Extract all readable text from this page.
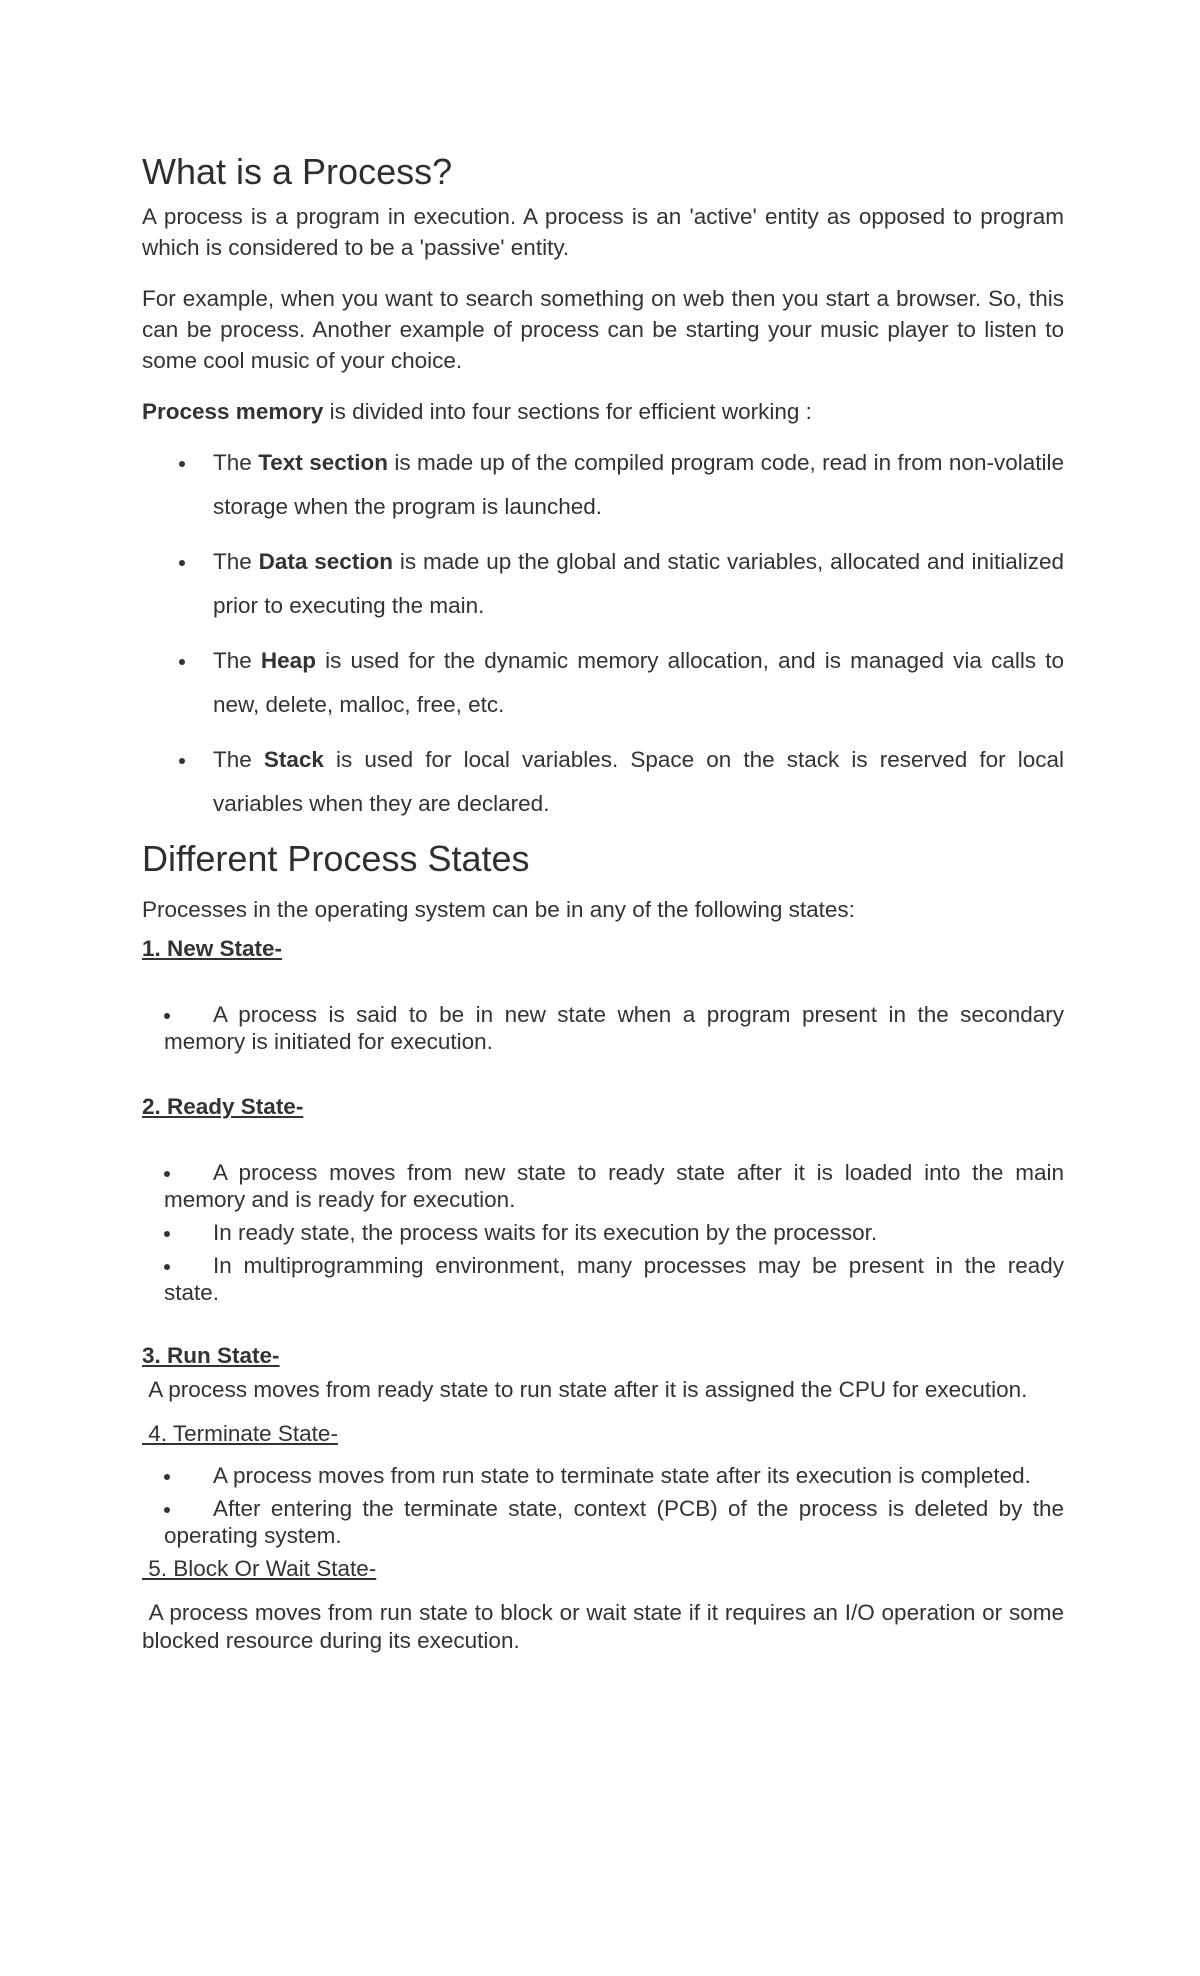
What is a Process?

A process is a program in execution. A process is an 'active' entity as opposed to program which is considered to be a 'passive' entity.

For example, when you want to search something on web then you start a browser. So, this can be process. Another example of process can be starting your music player to listen to some cool music of your choice.

Process memory is divided into four sections for efficient working :

The Text section is made up of the compiled program code, read in from non-volatile storage when the program is launched.
The Data section is made up the global and static variables, allocated and initialized prior to executing the main.
The Heap is used for the dynamic memory allocation, and is managed via calls to new, delete, malloc, free, etc.
The Stack is used for local variables. Space on the stack is reserved for local variables when they are declared.
Different Process States

Processes in the operating system can be in any of the following states:

1. New State-
A process is said to be in new state when a program present in the secondary memory is initiated for execution.
2. Ready State-
A process moves from new state to ready state after it is loaded into the main memory and is ready for execution.
In ready state, the process waits for its execution by the processor.
In multiprogramming environment, many processes may be present in the ready state.
3. Run State-

A process moves from ready state to run state after it is assigned the CPU for execution.

4. Terminate State-
A process moves from run state to terminate state after its execution is completed.
After entering the terminate state, context (PCB) of the process is deleted by the operating system.
5. Block Or Wait State-

A process moves from run state to block or wait state if it requires an I/O operation or some blocked resource during its execution.
